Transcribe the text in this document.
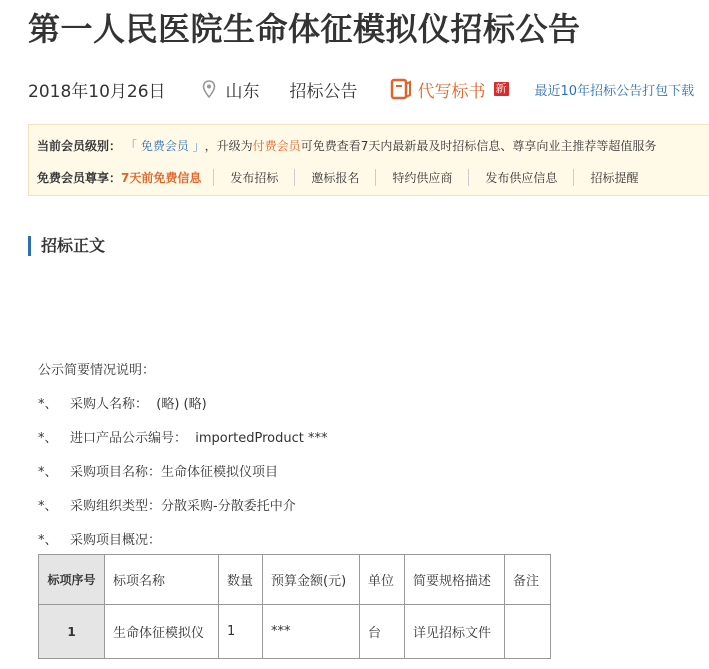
第一人民医院生命体征模拟仪招标公告
2018年10月26日	山东 招标公告	代写标书 新 最近10年招标公告打包下载
当前会员级别： 「 免费会员 」 ，升级为 付费会员 可免费查看7天内最新最及时招标信息、尊享向业主推荐等超值服务
免费会员尊享： 7天前免费信息	发布招标	邀标报名	特约供应商	发布供应信息	招标提醒
招标正文
公示简要情况说明：
*、 采购人名称： (略) (略)
*、 进口产品公示编号： importedProduct ***
*、 采购项目名称：生命体征模拟仪项目
*、 采购组织类型：分散采购-分散委托中介
*、 采购项目概况：
标项序号	标项名称	数量	预算金额(元)	单位	简要规格描述	备注
1	生命体征模拟仪	1	***	台	详见招标文件	
